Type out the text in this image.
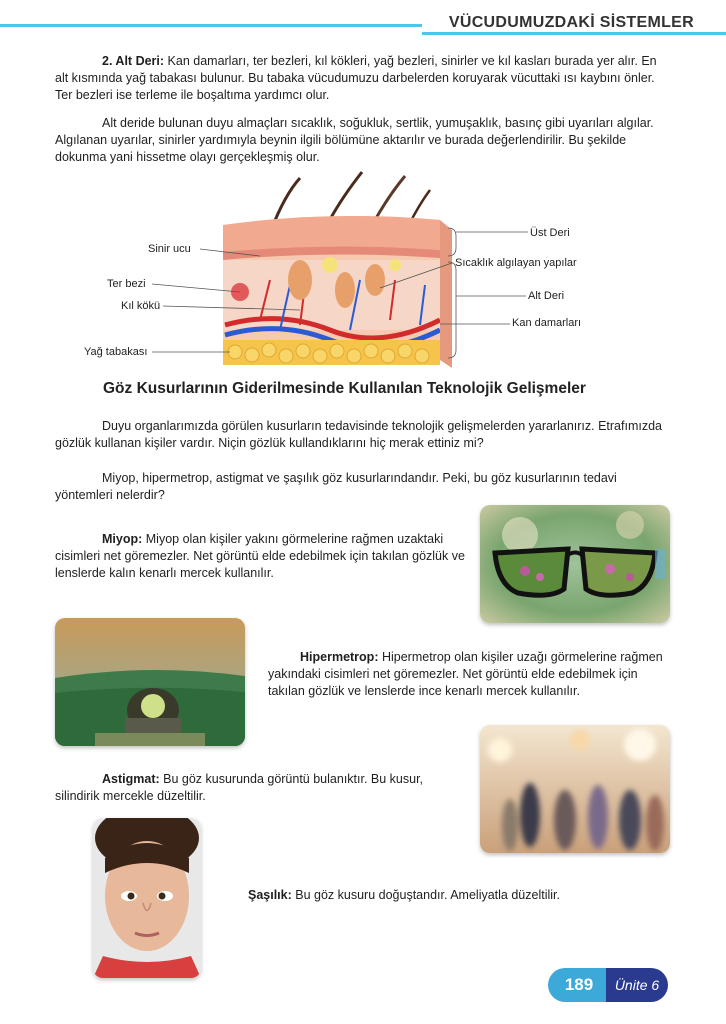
VÜCUDUMUZDAKİ SİSTEMLER
2. Alt Deri: Kan damarları, ter bezleri, kıl kökleri, yağ bezleri, sinirler ve kıl kasları burada yer alır. En alt kısmında yağ tabakası bulunur. Bu tabaka vücudumuzu darbelerden koruyarak vücuttaki ısı kaybını önler. Ter bezleri ise terleme ile boşaltıma yardımcı olur.
Alt deride bulunan duyu almaçları sıcaklık, soğukluk, sertlik, yumuşaklık, basınç gibi uyarıları algılar. Algılanan uyarılar, sinirler yardımıyla beynin ilgili bölümüne aktarılır ve burada değerlendirilir. Bu şekilde dokunma yani hissetme olayı gerçekleşmiş olur.
Sinir ucu
Ter bezi
Kıl kökü
Yağ tabakası
Üst Deri
Sıcaklık algılayan yapılar
Alt Deri
Kan damarları
Göz Kusurlarının Giderilmesinde Kullanılan Teknolojik Gelişmeler
Duyu organlarımızda görülen kusurların tedavisinde teknolojik gelişmelerden yararlanırız. Etrafımızda gözlük kullanan kişiler vardır. Niçin gözlük kullandıklarını hiç merak ettiniz mi?
Miyop, hipermetrop, astigmat ve şaşılık göz kusurlarındandır. Peki, bu göz kusurlarının tedavi yöntemleri nelerdir?
Miyop: Miyop olan kişiler yakını görmelerine rağmen uzaktaki cisimleri net göremezler. Net görüntü elde edebilmek için takılan gözlük ve lenslerde kalın kenarlı mercek kullanılır.
Hipermetrop: Hipermetrop olan kişiler uzağı görmelerine rağmen yakındaki cisimleri net göremezler. Net görüntü elde edebilmek için takılan gözlük ve lenslerde ince kenarlı mercek kullanılır.
Astigmat: Bu göz kusurunda görüntü bulanıktır. Bu kusur, silindirik mercekle düzeltilir.
Şaşılık: Bu göz kusuru doğuştandır. Ameliyatla düzeltilir.
189	Ünite 6
